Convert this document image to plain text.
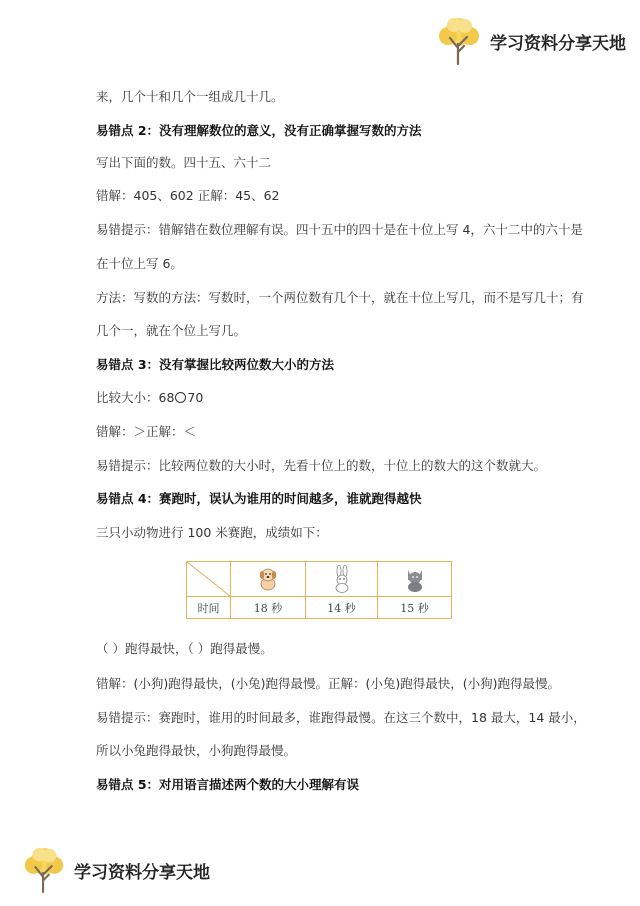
学习资料分享天地
来，几个十和几个一组成几十几。
易错点 2：没有理解数位的意义，没有正确掌握写数的方法
写出下面的数。四十五、六十二
错解：405、602 正解：45、62
易错提示：错解错在数位理解有误。四十五中的四十是在十位上写 4，六十二中的六十是
在十位上写 6。
方法：写数的方法：写数时，一个两位数有几个十，就在十位上写几，而不是写几十；有
几个一，就在个位上写几。
易错点 3：没有掌握比较两位数大小的方法
比较大小：68 70
错解：＞正解：＜
易错提示：比较两位数的大小时，先看十位上的数，十位上的数大的这个数就大。
易错点 4：赛跑时，误认为谁用的时间越多，谁就跑得越快
三只小动物进行 100 米赛跑，成绩如下：
时间	18 秒	14 秒	15 秒
（ ）跑得最快，（ ）跑得最慢。
错解：(小狗)跑得最快，(小兔)跑得最慢。正解：(小兔)跑得最快，(小狗)跑得最慢。
易错提示：赛跑时，谁用的时间最多，谁跑得最慢。在这三个数中，18 最大，14 最小，
所以小兔跑得最快，小狗跑得最慢。
易错点 5：对用语言描述两个数的大小理解有误
学习资料分享天地
